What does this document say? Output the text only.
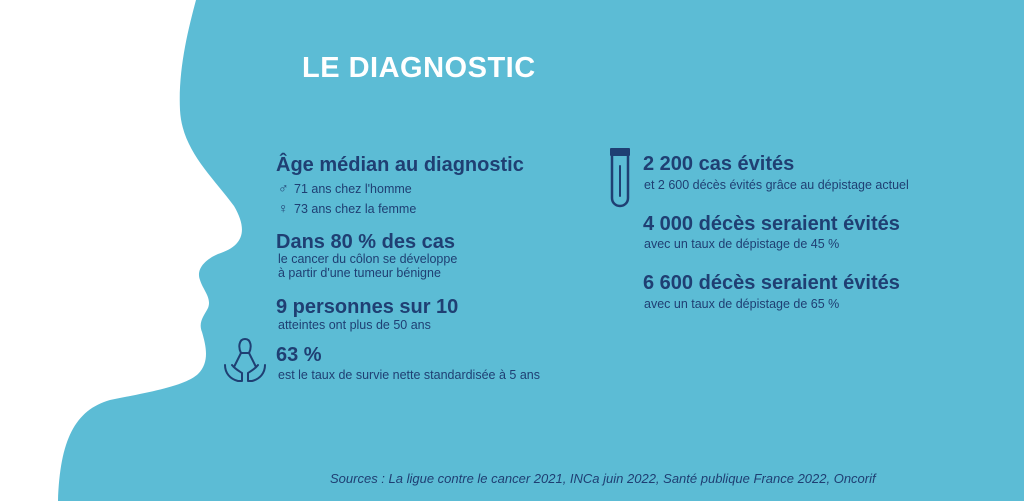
LE DIAGNOSTIC
Âge médian au diagnostic
♂ 71 ans chez l'homme
♀ 73 ans chez la femme
Dans 80 % des cas
le cancer du côlon se développe
à partir d'une tumeur bénigne
9 personnes sur 10
atteintes ont plus de 50 ans
63 %
est le taux de survie nette standardisée à 5 ans
2 200 cas évités
et 2 600 décès évités grâce au dépistage actuel
4 000 décès seraient évités
avec un taux de dépistage de 45 %
6 600 décès seraient évités
avec un taux de dépistage de 65 %
Sources : La ligue contre le cancer 2021, INCa juin 2022, Santé publique France 2022, Oncorif
